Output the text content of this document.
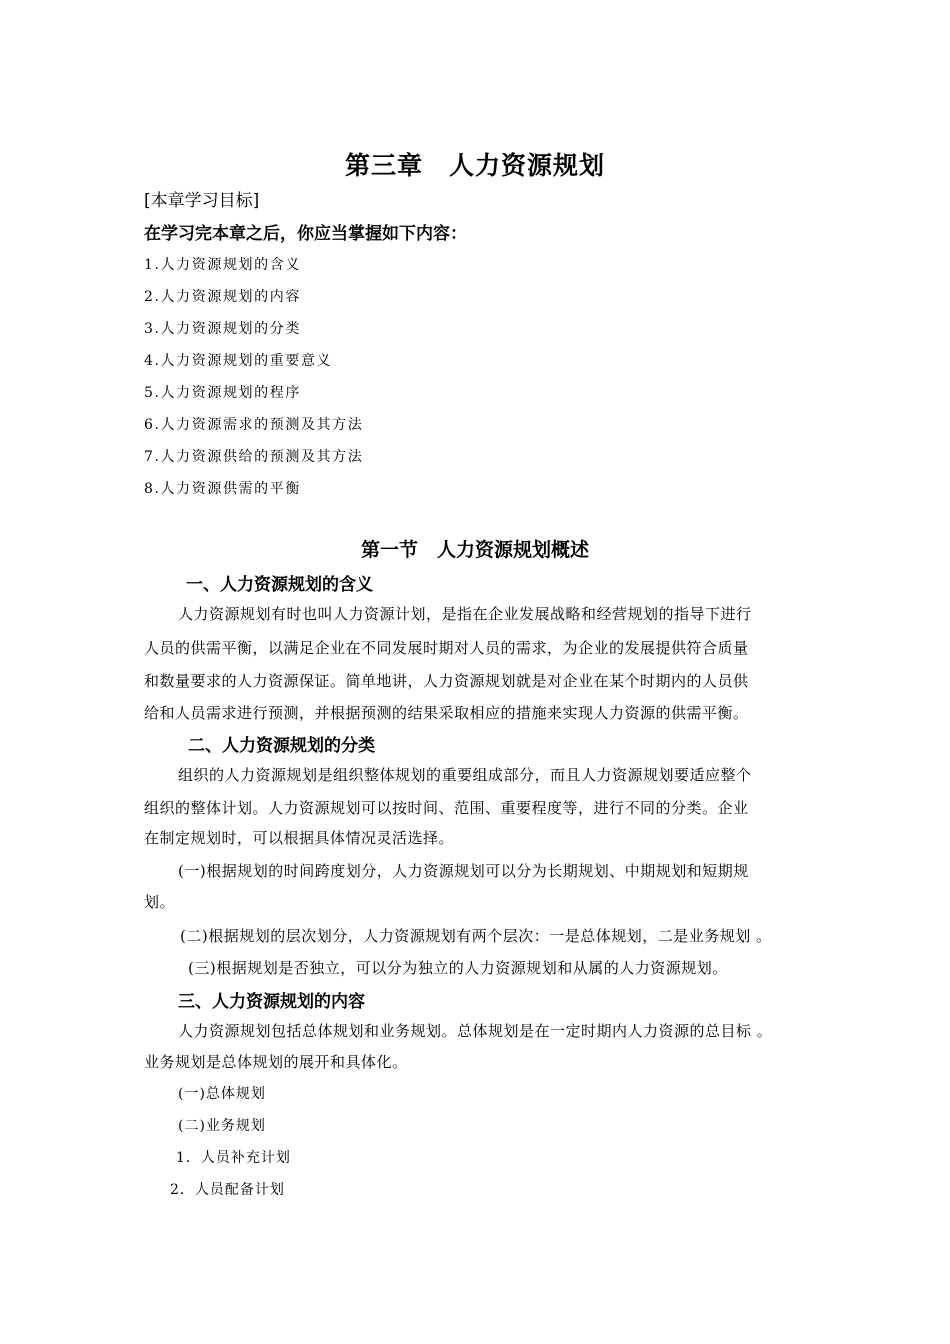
第三章　人力资源规划
[本章学习目标]
在学习完本章之后，你应当掌握如下内容：
1.人力资源规划的含义
2.人力资源规划的内容
3.人力资源规划的分类
4.人力资源规划的重要意义
5.人力资源规划的程序
6.人力资源需求的预测及其方法
7.人力资源供给的预测及其方法
8.人力资源供需的平衡
第一节　人力资源规划概述
一、人力资源规划的含义
人力资源规划有时也叫人力资源计划，是指在企业发展战略和经营规划的指导下进行
人员的供需平衡，以满足企业在不同发展时期对人员的需求，为企业的发展提供符合质量
和数量要求的人力资源保证。简单地讲，人力资源规划就是对企业在某个时期内的人员供
给和人员需求进行预测，并根据预测的结果采取相应的措施来实现人力资源的供需平衡。
二、人力资源规划的分类
组织的人力资源规划是组织整体规划的重要组成部分，而且人力资源规划要适应整个
组织的整体计划。人力资源规划可以按时间、范围、重要程度等，进行不同的分类。企业
在制定规划时，可以根据具体情况灵活选择。
(一)根据规划的时间跨度划分，人力资源规划可以分为长期规划、中期规划和短期规
划。
(二)根据规划的层次划分，人力资源规划有两个层次：一是总体规划，二是业务规划 。
(三)根据规划是否独立，可以分为独立的人力资源规划和从属的人力资源规划。
三、人力资源规划的内容
人力资源规划包括总体规划和业务规划。总体规划是在一定时期内人力资源的总目标 。
业务规划是总体规划的展开和具体化。
(一)总体规划
(二)业务规划
1．人员补充计划
2．人员配备计划
